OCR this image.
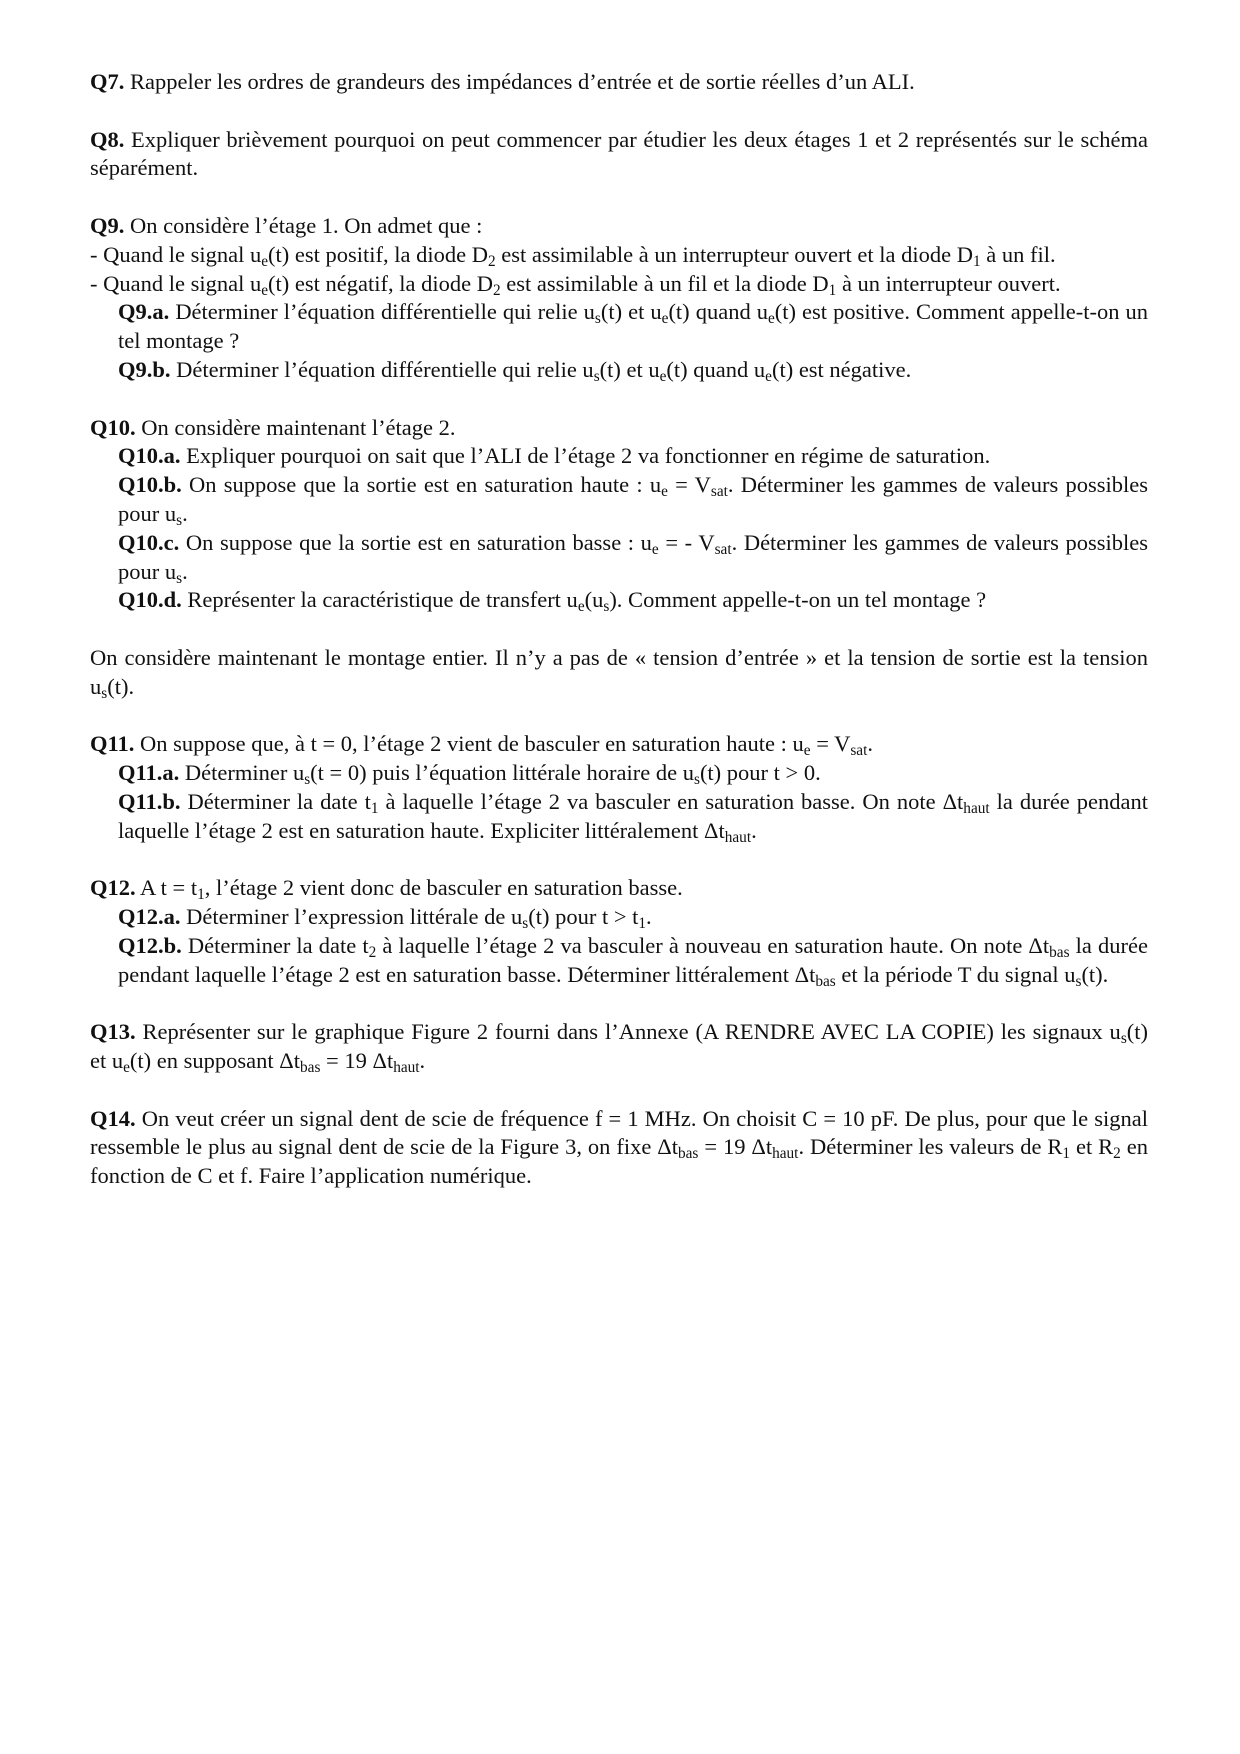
Q7. Rappeler les ordres de grandeurs des impédances d’entrée et de sortie réelles d’un ALI.

Q8. Expliquer brièvement pourquoi on peut commencer par étudier les deux étages 1 et 2 représentés sur le schéma séparément.

Q9. On considère l’étage 1. On admet que :
- Quand le signal $u_e(t)$ est positif, la diode $D_2$ est assimilable à un interrupteur ouvert et la diode $D_1$ à un fil.
- Quand le signal $u_e(t)$ est négatif, la diode $D_2$ est assimilable à un fil et la diode $D_1$ à un interrupteur ouvert.
Q9.a. Déterminer l’équation différentielle qui relie $u_s(t)$ et $u_e(t)$ quand $u_e(t)$ est positive. Comment appelle-t-on un tel montage ?
Q9.b. Déterminer l’équation différentielle qui relie $u_s(t)$ et $u_e(t)$ quand $u_e(t)$ est négative.
Q10. On considère maintenant l’étage 2.
Q10.a. Expliquer pourquoi on sait que l’ALI de l’étage 2 va fonctionner en régime de saturation.
Q10.b. On suppose que la sortie est en saturation haute : $u_e = V_{sat}$. Déterminer les gammes de valeurs possibles pour $u_s$.
Q10.c. On suppose que la sortie est en saturation basse : $u_e$ = - $V_{sat}$. Déterminer les gammes de valeurs possibles pour $u_s$.
Q10.d. Représenter la caractéristique de transfert $u_e(u_s)$. Comment appelle-t-on un tel montage ?

On considère maintenant le montage entier. Il n’y a pas de « tension d’entrée » et la tension de sortie est la tension $u_s(t)$.

Q11. On suppose que, à t = 0, l’étage 2 vient de basculer en saturation haute : $u_e = V_{sat}$.
Q11.a. Déterminer $u_s(t = 0)$ puis l’équation littérale horaire de $u_s(t)$ pour t > 0.
Q11.b. Déterminer la date $t_1$ à laquelle l’étage 2 va basculer en saturation basse. On note $\Delta t_{haut}$ la durée pendant laquelle l’étage 2 est en saturation haute. Expliciter littéralement $\Delta t_{haut}$.
Q12. A $t = t_1$, l’étage 2 vient donc de basculer en saturation basse.
Q12.a. Déterminer l’expression littérale de $u_s(t)$ pour $t > t_1$.
Q12.b. Déterminer la date $t_2$ à laquelle l’étage 2 va basculer à nouveau en saturation haute. On note $\Delta t_{bas}$ la durée pendant laquelle l’étage 2 est en saturation basse. Déterminer littéralement $\Delta t_{bas}$ et la période T du signal $u_s(t)$.

Q13. Représenter sur le graphique Figure 2 fourni dans l’Annexe (A RENDRE AVEC LA COPIE) les signaux $u_s(t)$ et $u_e(t)$ en supposant $\Delta t_{bas} = 19$ $\Delta t_{haut}$.

Q14. On veut créer un signal dent de scie de fréquence f = 1 MHz. On choisit C = 10 pF. De plus, pour que le signal ressemble le plus au signal dent de scie de la Figure 3, on fixe $\Delta t_{bas} = 19$ $\Delta t_{haut}$. Déterminer les valeurs de $R_1$ et $R_2$ en fonction de C et f. Faire l’application numérique.
